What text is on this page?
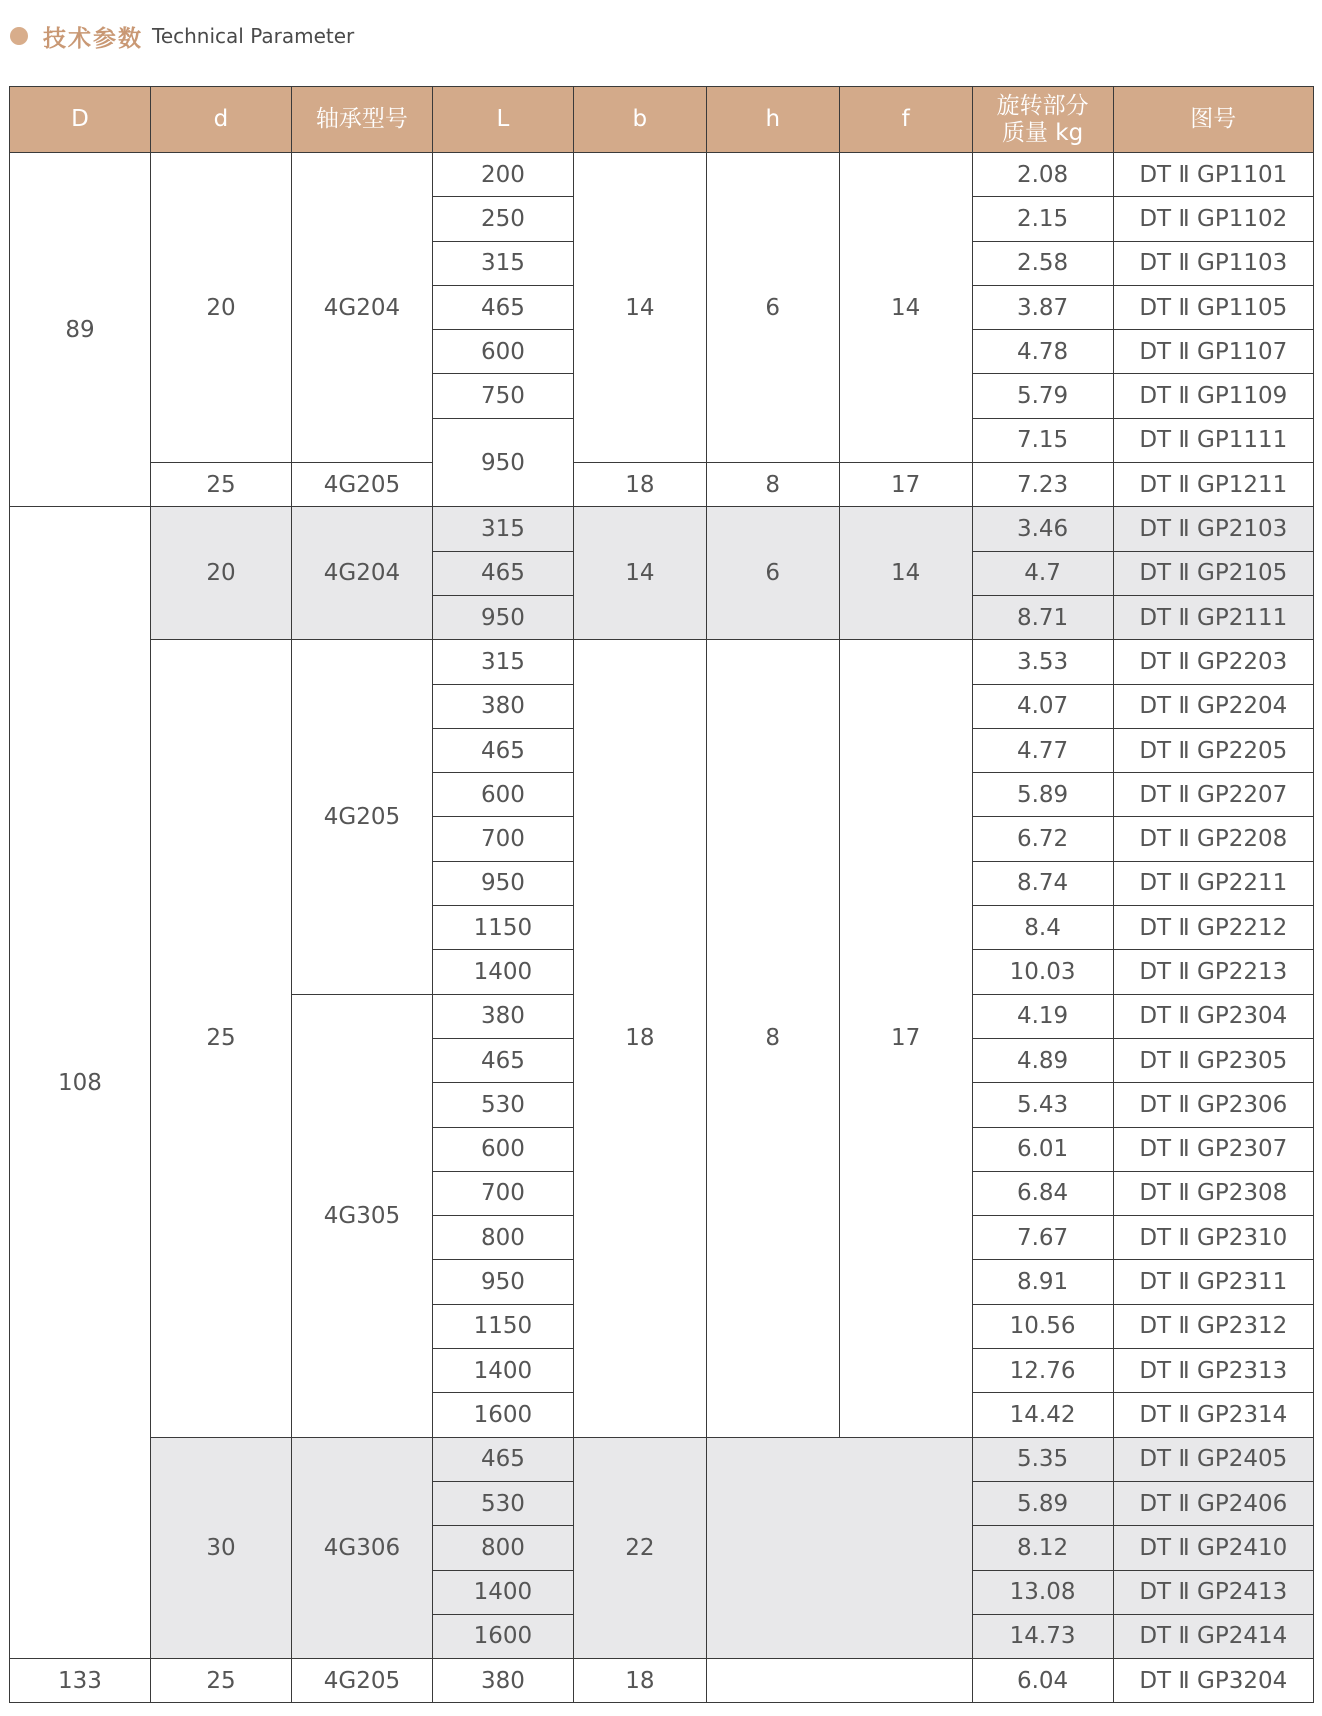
技术参数 Technical Parameter
D	d	轴承型号	L	b	h	f	旋转部分质量 kg	图号
89	20	4G204	200	14	6	14	2.08	DT Ⅱ GP1101
			250				2.15	DT Ⅱ GP1102
			315				2.58	DT Ⅱ GP1103
			465				3.87	DT Ⅱ GP1105
			600				4.78	DT Ⅱ GP1107
			750				5.79	DT Ⅱ GP1109
			950				7.15	DT Ⅱ GP1111
	25	4G205		18	8	17	7.23	DT Ⅱ GP1211
108	20	4G204	315	14	6	14	3.46	DT Ⅱ GP2103
			465				4.7	DT Ⅱ GP2105
			950				8.71	DT Ⅱ GP2111
	25	4G205	315	18	8	17	3.53	DT Ⅱ GP2203
			380				4.07	DT Ⅱ GP2204
			465				4.77	DT Ⅱ GP2205
			600				5.89	DT Ⅱ GP2207
			700				6.72	DT Ⅱ GP2208
			950				8.74	DT Ⅱ GP2211
			1150				8.4	DT Ⅱ GP2212
			1400				10.03	DT Ⅱ GP2213
		4G305	380				4.19	DT Ⅱ GP2304
			465				4.89	DT Ⅱ GP2305
			530				5.43	DT Ⅱ GP2306
			600				6.01	DT Ⅱ GP2307
			700				6.84	DT Ⅱ GP2308
			800				7.67	DT Ⅱ GP2310
			950				8.91	DT Ⅱ GP2311
			1150				10.56	DT Ⅱ GP2312
			1400				12.76	DT Ⅱ GP2313
			1600				14.42	DT Ⅱ GP2314
	30	4G306	465	22			5.35	DT Ⅱ GP2405
			530				5.89	DT Ⅱ GP2406
			800				8.12	DT Ⅱ GP2410
			1400				13.08	DT Ⅱ GP2413
			1600				14.73	DT Ⅱ GP2414
133	25	4G205	380	18			6.04	DT Ⅱ GP3204
